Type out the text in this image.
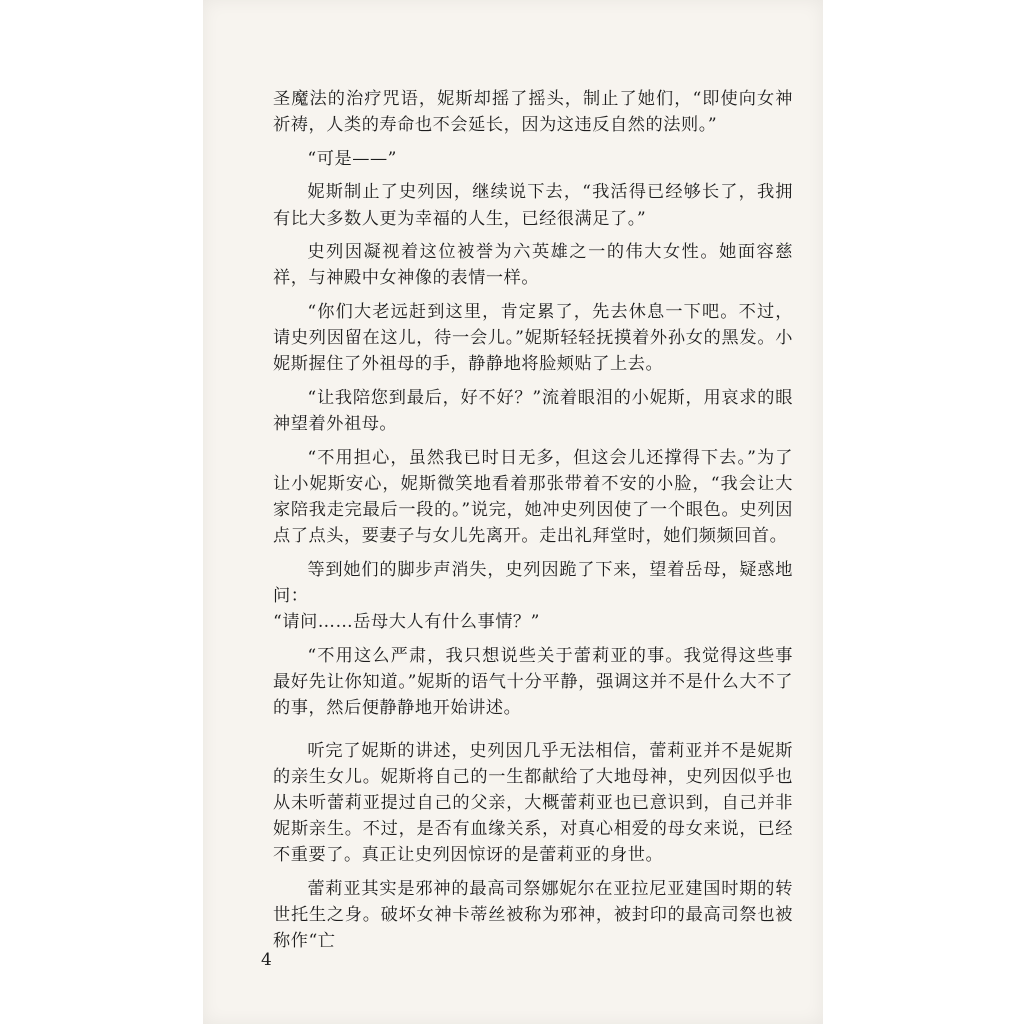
圣魔法的治疗咒语，妮斯却摇了摇头，制止了她们，“即使向女神祈祷，人类的寿命也不会延长，因为这违反自然的法则。”

“可是——”

妮斯制止了史列因，继续说下去，“我活得已经够长了，我拥有比大多数人更为幸福的人生，已经很满足了。”

史列因凝视着这位被誉为六英雄之一的伟大女性。她面容慈祥，与神殿中女神像的表情一样。

“你们大老远赶到这里，肯定累了，先去休息一下吧。不过，请史列因留在这儿，待一会儿。”妮斯轻轻抚摸着外孙女的黑发。小妮斯握住了外祖母的手，静静地将脸颊贴了上去。

“让我陪您到最后，好不好？”流着眼泪的小妮斯，用哀求的眼神望着外祖母。

“不用担心，虽然我已时日无多，但这会儿还撑得下去。”为了让小妮斯安心，妮斯微笑地看着那张带着不安的小脸，“我会让大家陪我走完最后一段的。”说完，她冲史列因使了一个眼色。史列因点了点头，要妻子与女儿先离开。走出礼拜堂时，她们频频回首。

等到她们的脚步声消失，史列因跪了下来，望着岳母，疑惑地问：

“请问……岳母大人有什么事情？”

“不用这么严肃，我只想说些关于蕾莉亚的事。我觉得这些事最好先让你知道。”妮斯的语气十分平静，强调这并不是什么大不了的事，然后便静静地开始讲述。

听完了妮斯的讲述，史列因几乎无法相信，蕾莉亚并不是妮斯的亲生女儿。妮斯将自己的一生都献给了大地母神，史列因似乎也从未听蕾莉亚提过自己的父亲，大概蕾莉亚也已意识到，自己并非妮斯亲生。不过，是否有血缘关系，对真心相爱的母女来说，已经不重要了。真正让史列因惊讶的是蕾莉亚的身世。

蕾莉亚其实是邪神的最高司祭娜妮尔在亚拉尼亚建国时期的转世托生之身。破坏女神卡蒂丝被称为邪神，被封印的最高司祭也被称作“亡

4
